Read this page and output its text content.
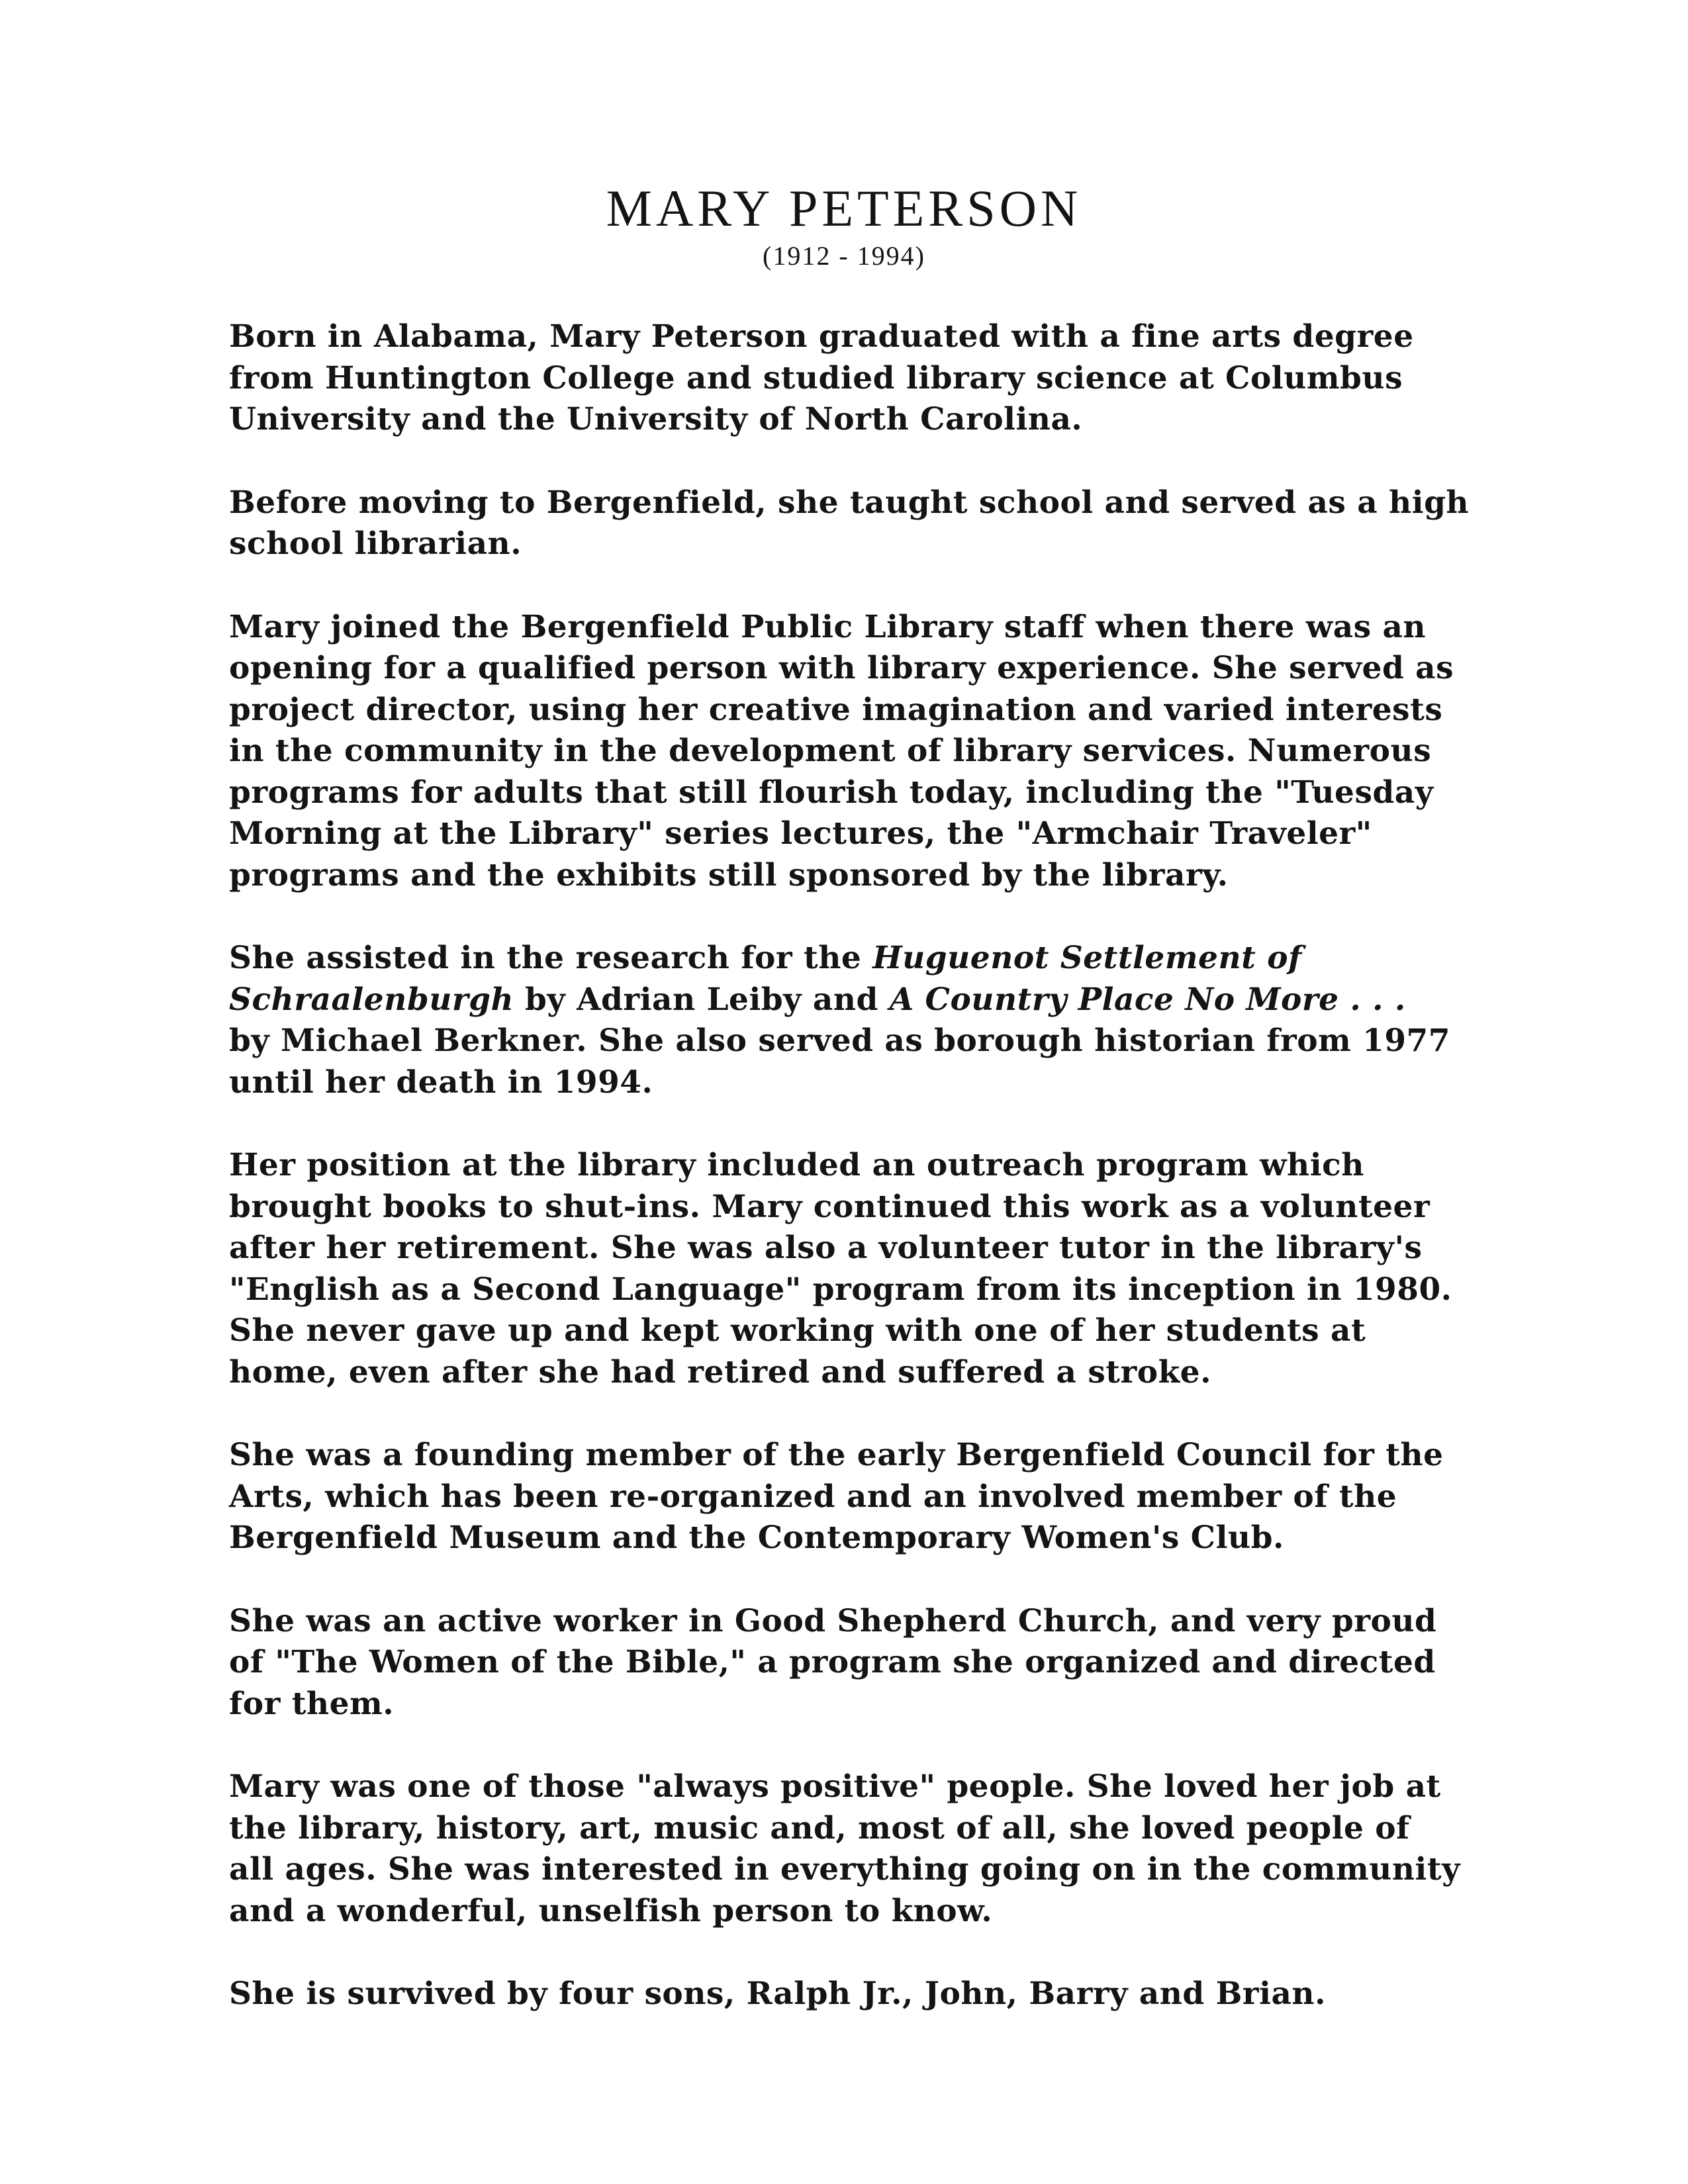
MARY PETERSON
(1912 - 1994)

Born in Alabama, Mary Peterson graduated with a fine arts degree
from Huntington College and studied library science at Columbus
University and the University of North Carolina.

Before moving to Bergenfield, she taught school and served as a high
school librarian.

Mary joined the Bergenfield Public Library staff when there was an
opening for a qualified person with library experience. She served as
project director, using her creative imagination and varied interests
in the community in the development of library services. Numerous
programs for adults that still flourish today, including the "Tuesday
Morning at the Library" series lectures, the "Armchair Traveler"
programs and the exhibits still sponsored by the library.

She assisted in the research for the Huguenot Settlement of
Schraalenburgh by Adrian Leiby and A Country Place No More . . .
by Michael Berkner. She also served as borough historian from 1977
until her death in 1994.

Her position at the library included an outreach program which
brought books to shut-ins. Mary continued this work as a volunteer
after her retirement. She was also a volunteer tutor in the library's
"English as a Second Language" program from its inception in 1980.
She never gave up and kept working with one of her students at
home, even after she had retired and suffered a stroke.

She was a founding member of the early Bergenfield Council for the
Arts, which has been re-organized and an involved member of the
Bergenfield Museum and the Contemporary Women's Club.

She was an active worker in Good Shepherd Church, and very proud
of "The Women of the Bible," a program she organized and directed
for them.

Mary was one of those "always positive" people. She loved her job at
the library, history, art, music and, most of all, she loved people of
all ages. She was interested in everything going on in the community
and a wonderful, unselfish person to know.

She is survived by four sons, Ralph Jr., John, Barry and Brian.
